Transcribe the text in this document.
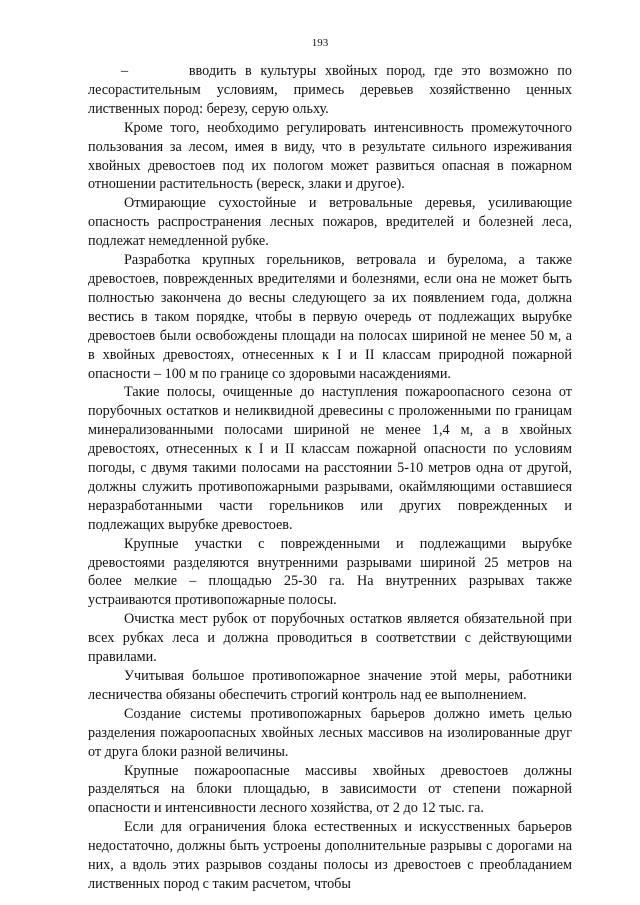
193

–       вводить в культуры хвойных пород, где это возможно по лесорастительным условиям, примесь деревьев хозяйственно ценных лиственных пород: березу, серую ольху.

Кроме того, необходимо регулировать интенсивность промежуточного пользования за лесом, имея в виду, что в результате сильного изреживания хвойных древостоев под их пологом может развиться опасная в пожарном отношении растительность (вереск, злаки и другое).

Отмирающие сухостойные и ветровальные деревья, усиливающие опасность распространения лесных пожаров, вредителей и болезней леса, подлежат немедленной рубке.

Разработка крупных горельников, ветровала и бурелома, а также древостоев, поврежденных вредителями и болезнями, если она не может быть полностью закончена до весны следующего за их появлением года, должна вестись в таком порядке, чтобы в первую очередь от подлежащих вырубке древостоев были освобождены площади на полосах шириной не менее 50 м, а в хвойных древостоях, отнесенных к I и II классам природной пожарной опасности – 100 м по границе со здоровыми насаждениями.

Такие полосы, очищенные до наступления пожароопасного сезона от порубочных остатков и неликвидной древесины с проложенными по границам минерализованными полосами шириной не менее 1,4 м, а в хвойных древостоях, отнесенных к I и II классам пожарной опасности по условиям погоды, с двумя такими полосами на расстоянии 5-10 метров одна от другой, должны служить противопожарными разрывами, окаймляющими оставшиеся неразработанными части горельников или других поврежденных и подлежащих вырубке древостоев.

Крупные участки с поврежденными и подлежащими вырубке древостоями разделяются внутренними разрывами шириной 25 метров на более мелкие – площадью 25-30 га. На внутренних разрывах также устраиваются противопожарные полосы.

Очистка мест рубок от порубочных остатков является обязательной при всех рубках леса и должна проводиться в соответствии с действующими правилами.

Учитывая большое противопожарное значение этой меры, работники лесничества обязаны обеспечить строгий контроль над ее выполнением.

Создание системы противопожарных барьеров должно иметь целью разделения пожароопасных хвойных лесных массивов на изолированные друг от друга блоки разной величины.

Крупные пожароопасные массивы хвойных древостоев должны разделяться на блоки площадью, в зависимости от степени пожарной опасности и интенсивности лесного хозяйства, от 2 до 12 тыс. га.

Если для ограничения блока естественных и искусственных барьеров недостаточно, должны быть устроены дополнительные разрывы с дорогами на них, а вдоль этих разрывов созданы полосы из древостоев с преобладанием лиственных пород с таким расчетом, чтобы
